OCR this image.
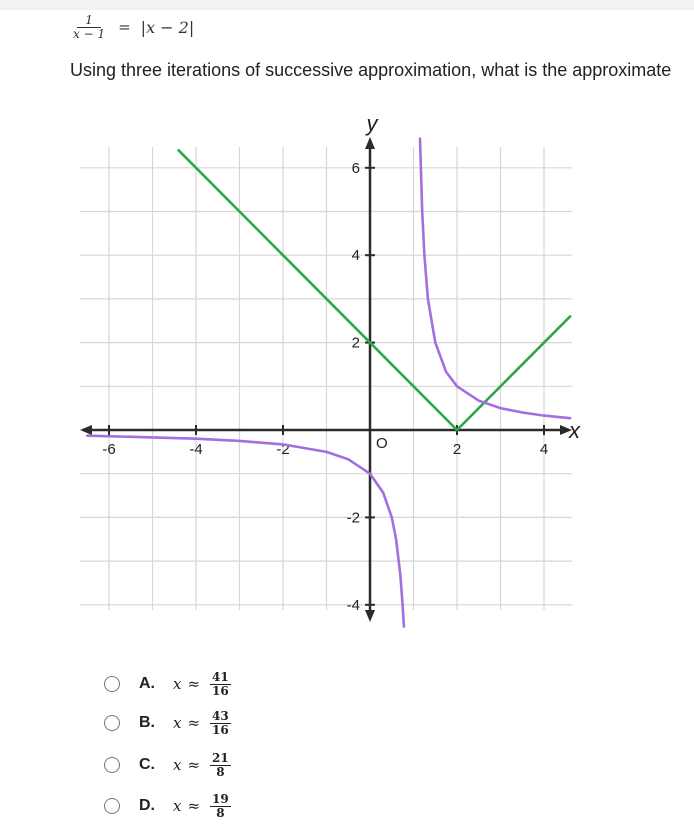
$\frac{1}{x - 1} = |x - 2|$
Using three iterations of successive approximation, what is the approximate
-6	-4	-2	2	4
-4
-2
2
4
6
O
x
y
A.	$x \approx \frac{41}{16}$
B.	$x \approx \frac{43}{16}$
C.	$x \approx \frac{21}{8}$
D.	$x \approx \frac{19}{8}$
